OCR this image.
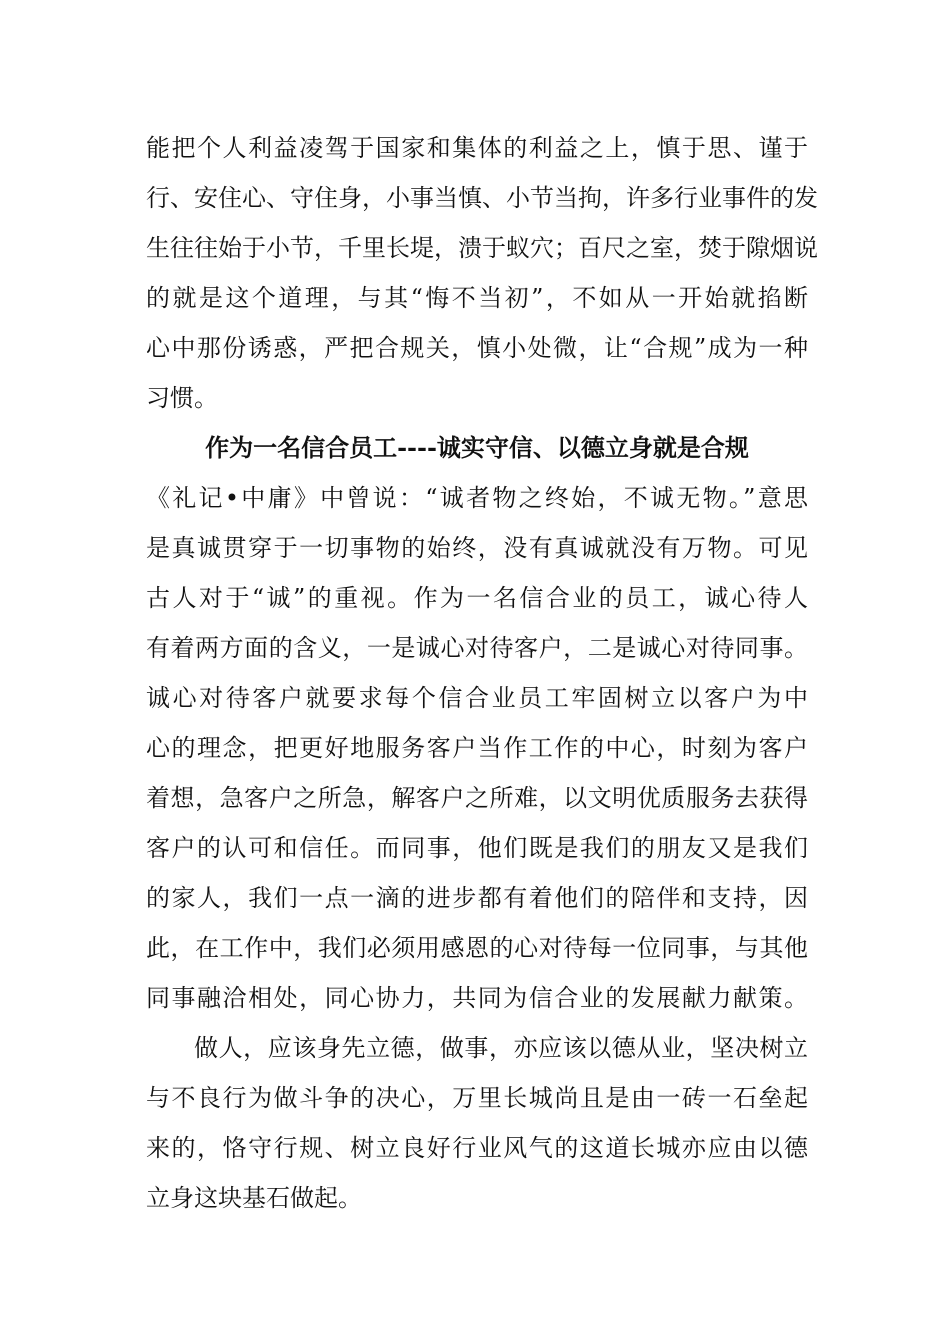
能把个人利益凌驾于国家和集体的利益之上，慎于思、谨于
行、安住心、守住身，小事当慎、小节当拘，许多行业事件的发
生往往始于小节，千里长堤，溃于蚁穴；百尺之室，焚于隙烟说
的就是这个道理，与其“悔不当初”，不如从一开始就掐断
心中那份诱惑，严把合规关，慎小处微，让“合规”成为一种
习惯。
作为一名信合员工----诚实守信、以德立身就是合规
《礼记•中庸》中曾说：“诚者物之终始，不诚无物。”意思
是真诚贯穿于一切事物的始终，没有真诚就没有万物。可见
古人对于“诚”的重视。作为一名信合业的员工，诚心待人
有着两方面的含义，一是诚心对待客户，二是诚心对待同事。
诚心对待客户就要求每个信合业员工牢固树立以客户为中
心的理念，把更好地服务客户当作工作的中心，时刻为客户
着想，急客户之所急，解客户之所难，以文明优质服务去获得
客户的认可和信任。而同事，他们既是我们的朋友又是我们
的家人，我们一点一滴的进步都有着他们的陪伴和支持，因
此，在工作中，我们必须用感恩的心对待每一位同事，与其他
同事融洽相处，同心协力，共同为信合业的发展献力献策。
做人，应该身先立德，做事，亦应该以德从业，坚决树立
与不良行为做斗争的决心，万里长城尚且是由一砖一石垒起
来的，恪守行规、树立良好行业风气的这道长城亦应由以德
立身这块基石做起。
